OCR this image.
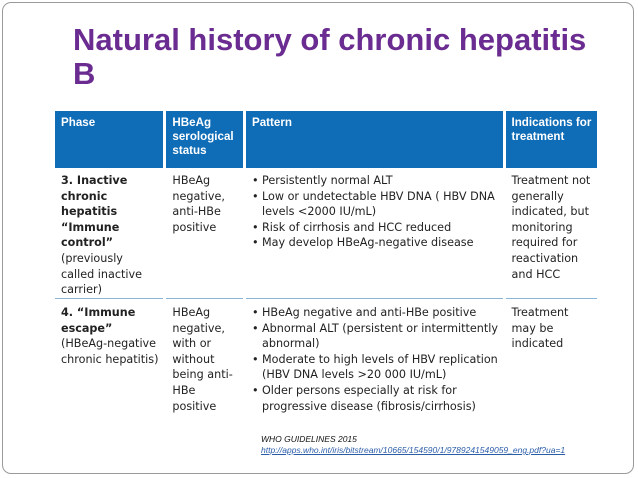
Natural history of chronic hepatitis B
Phase	HBeAg serological status
Pattern	Indications for treatment
3. Inactive chronic hepatitis “Immune control”
(previously called inactive carrier)
HBeAg negative, anti-HBe positive
• Persistently normal ALT
• Low or undetectable HBV DNA ( HBV DNA levels <2000 IU/mL)
• Risk of cirrhosis and HCC reduced
• May develop HBeAg-negative disease
Treatment not generally indicated, but monitoring required for reactivation and HCC
4. “Immune escape”
(HBeAg-negative chronic hepatitis)
HBeAg negative, with or without being anti-HBe positive
• HBeAg negative and anti-HBe positive
• Abnormal ALT (persistent or intermittently abnormal)
• Moderate to high levels of HBV replication (HBV DNA levels >20 000 IU/mL)
• Older persons especially at risk for progressive disease (fibrosis/cirrhosis)
Treatment may be indicated
WHO GUIDELINES 2015
http://apps.who.int/iris/bitstream/10665/154590/1/9789241549059_eng.pdf?ua=1
